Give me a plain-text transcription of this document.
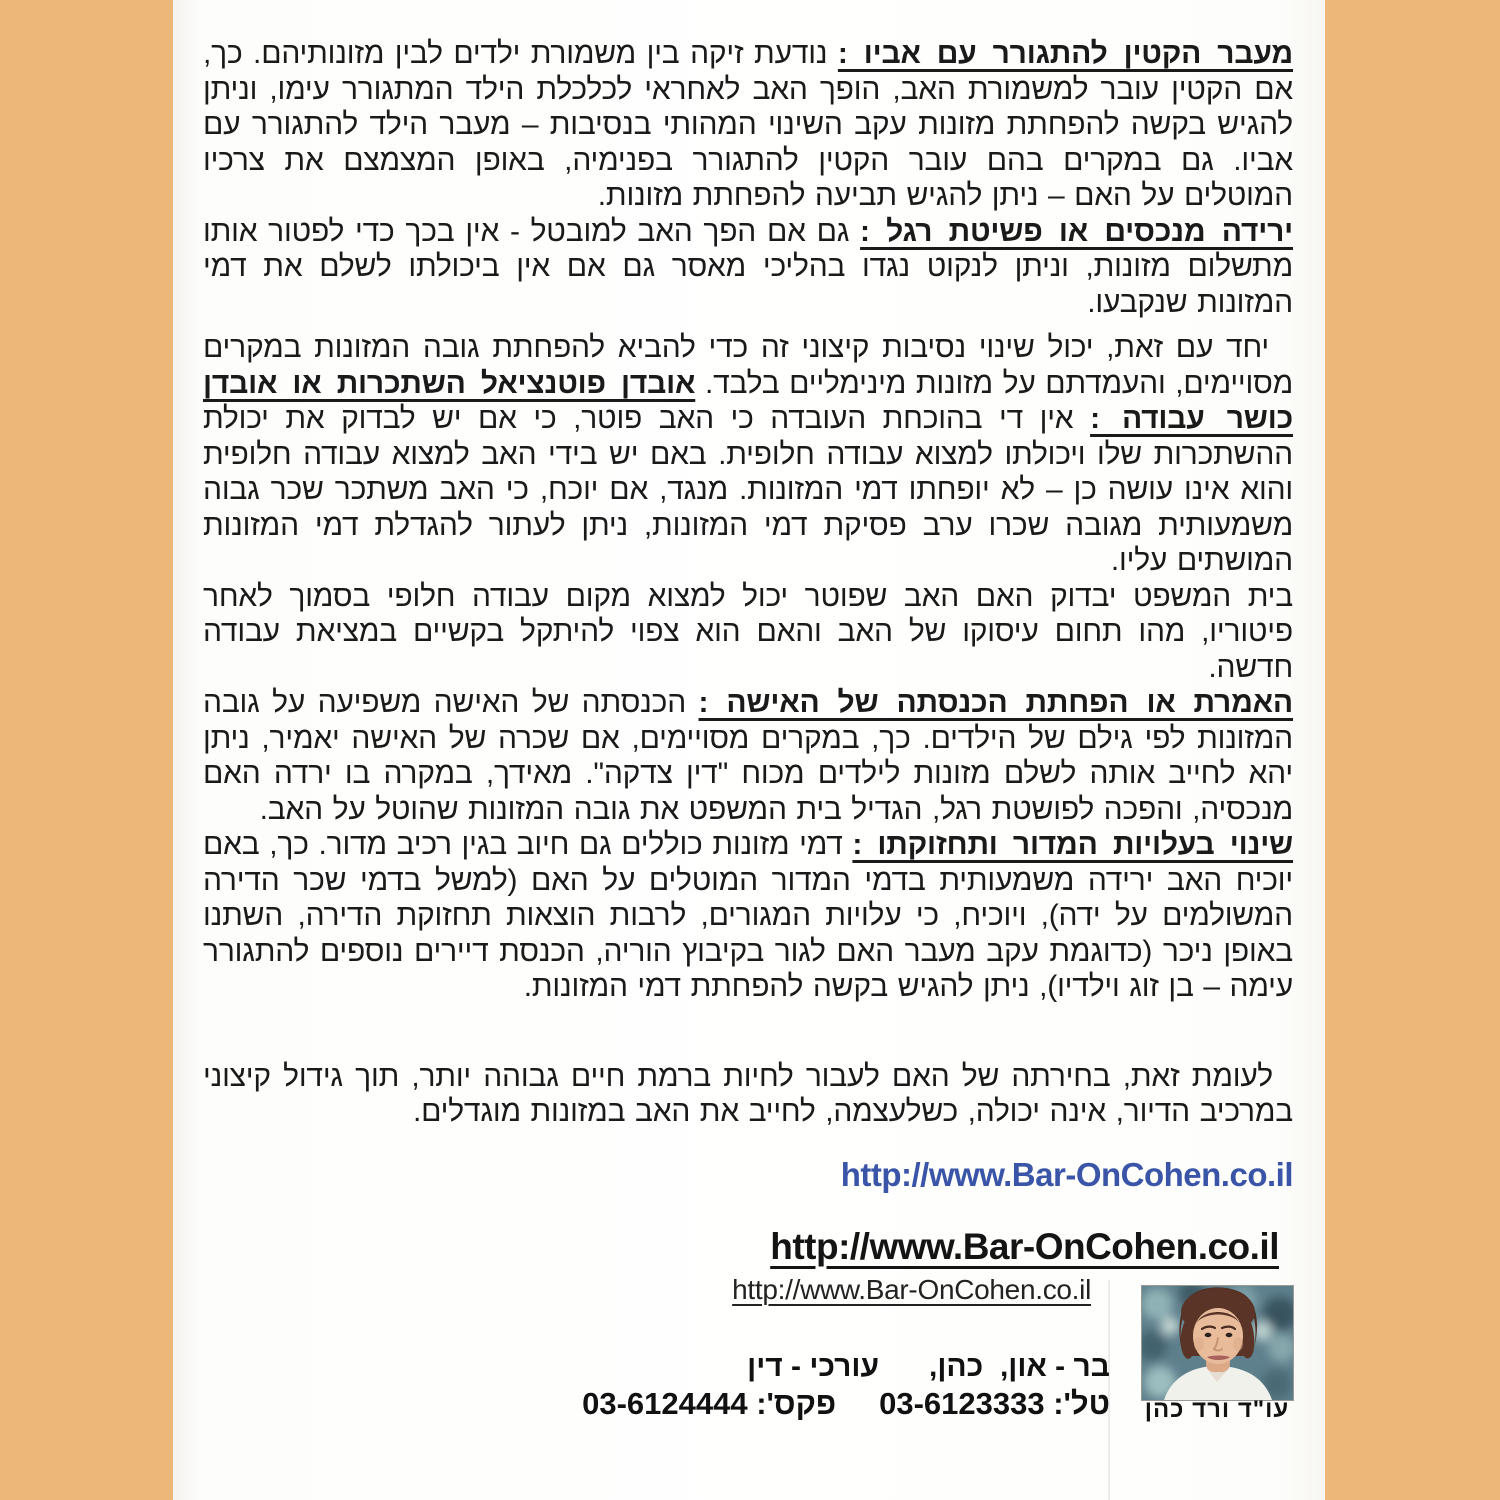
מעבר הקטין להתגורר עם אביו : נודעת זיקה בין משמורת ילדים לבין מזונותיהם. כך, אם הקטין עובר למשמורת האב, הופך האב לאחראי לכלכלת הילד המתגורר עימו, וניתן להגיש בקשה להפחתת מזונות עקב השינוי המהותי בנסיבות – מעבר הילד להתגורר עם אביו. גם במקרים בהם עובר הקטין להתגורר בפנימיה, באופן המצמצם את צרכיו המוטלים על האם – ניתן להגיש תביעה להפחתת מזונות.

ירידה מנכסים או פשיטת רגל : גם אם הפך האב למובטל - אין בכך כדי לפטור אותו מתשלום מזונות, וניתן לנקוט נגדו בהליכי מאסר גם אם אין ביכולתו לשלם את דמי המזונות שנקבעו.

יחד עם זאת, יכול שינוי נסיבות קיצוני זה כדי להביא להפחתת גובה המזונות במקרים מסויימים, והעמדתם על מזונות מינימליים בלבד. אובדן פוטנציאל השתכרות או אובדן כושר עבודה : אין די בהוכחת העובדה כי האב פוטר, כי אם יש לבדוק את יכולת ההשתכרות שלו ויכולתו למצוא עבודה חלופית. באם יש בידי האב למצוא עבודה חלופית והוא אינו עושה כן – לא יופחתו דמי המזונות. מנגד, אם יוכח, כי האב משתכר שכר גבוה משמעותית מגובה שכרו ערב פסיקת דמי המזונות, ניתן לעתור להגדלת דמי המזונות המושתים עליו.

בית המשפט יבדוק האם האב שפוטר יכול למצוא מקום עבודה חלופי בסמוך לאחר פיטוריו, מהו תחום עיסוקו של האב והאם הוא צפוי להיתקל בקשיים במציאת עבודה חדשה.

האמרת או הפחתת הכנסתה של האישה : הכנסתה של האישה משפיעה על גובה המזונות לפי גילם של הילדים. כך, במקרים מסויימים, אם שכרה של האישה יאמיר, ניתן יהא לחייב אותה לשלם מזונות לילדים מכוח "דין צדקה". מאידך, במקרה בו ירדה האם מנכסיה, והפכה לפושטת רגל, הגדיל בית המשפט את גובה המזונות שהוטל על האב.

שינוי בעלויות המדור ותחזוקתו : דמי מזונות כוללים גם חיוב בגין רכיב מדור. כך, באם יוכיח האב ירידה משמעותית בדמי המדור המוטלים על האם (למשל בדמי שכר הדירה המשולמים על ידה), ויוכיח, כי עלויות המגורים, לרבות הוצאות תחזוקת הדירה, השתנו באופן ניכר (כדוגמת עקב מעבר האם לגור בקיבוץ הוריה, הכנסת דיירים נוספים להתגורר עימה – בן זוג וילדיו), ניתן להגיש בקשה להפחתת דמי המזונות.

לעומת זאת, בחירתה של האם לעבור לחיות ברמת חיים גבוהה יותר, תוך גידול קיצוני במרכיב הדיור, אינה יכולה, כשלעצמה, לחייב את האב במזונות מוגדלים.

http://www.Bar-OnCohen.co.il
http://www.Bar-OnCohen.co.il
http://www.Bar-OnCohen.co.il
עו"ד ורד כהן
בר - און,  כהן,      עורכי - דין
טל': 03-6123333     פקס': 03-6124444
